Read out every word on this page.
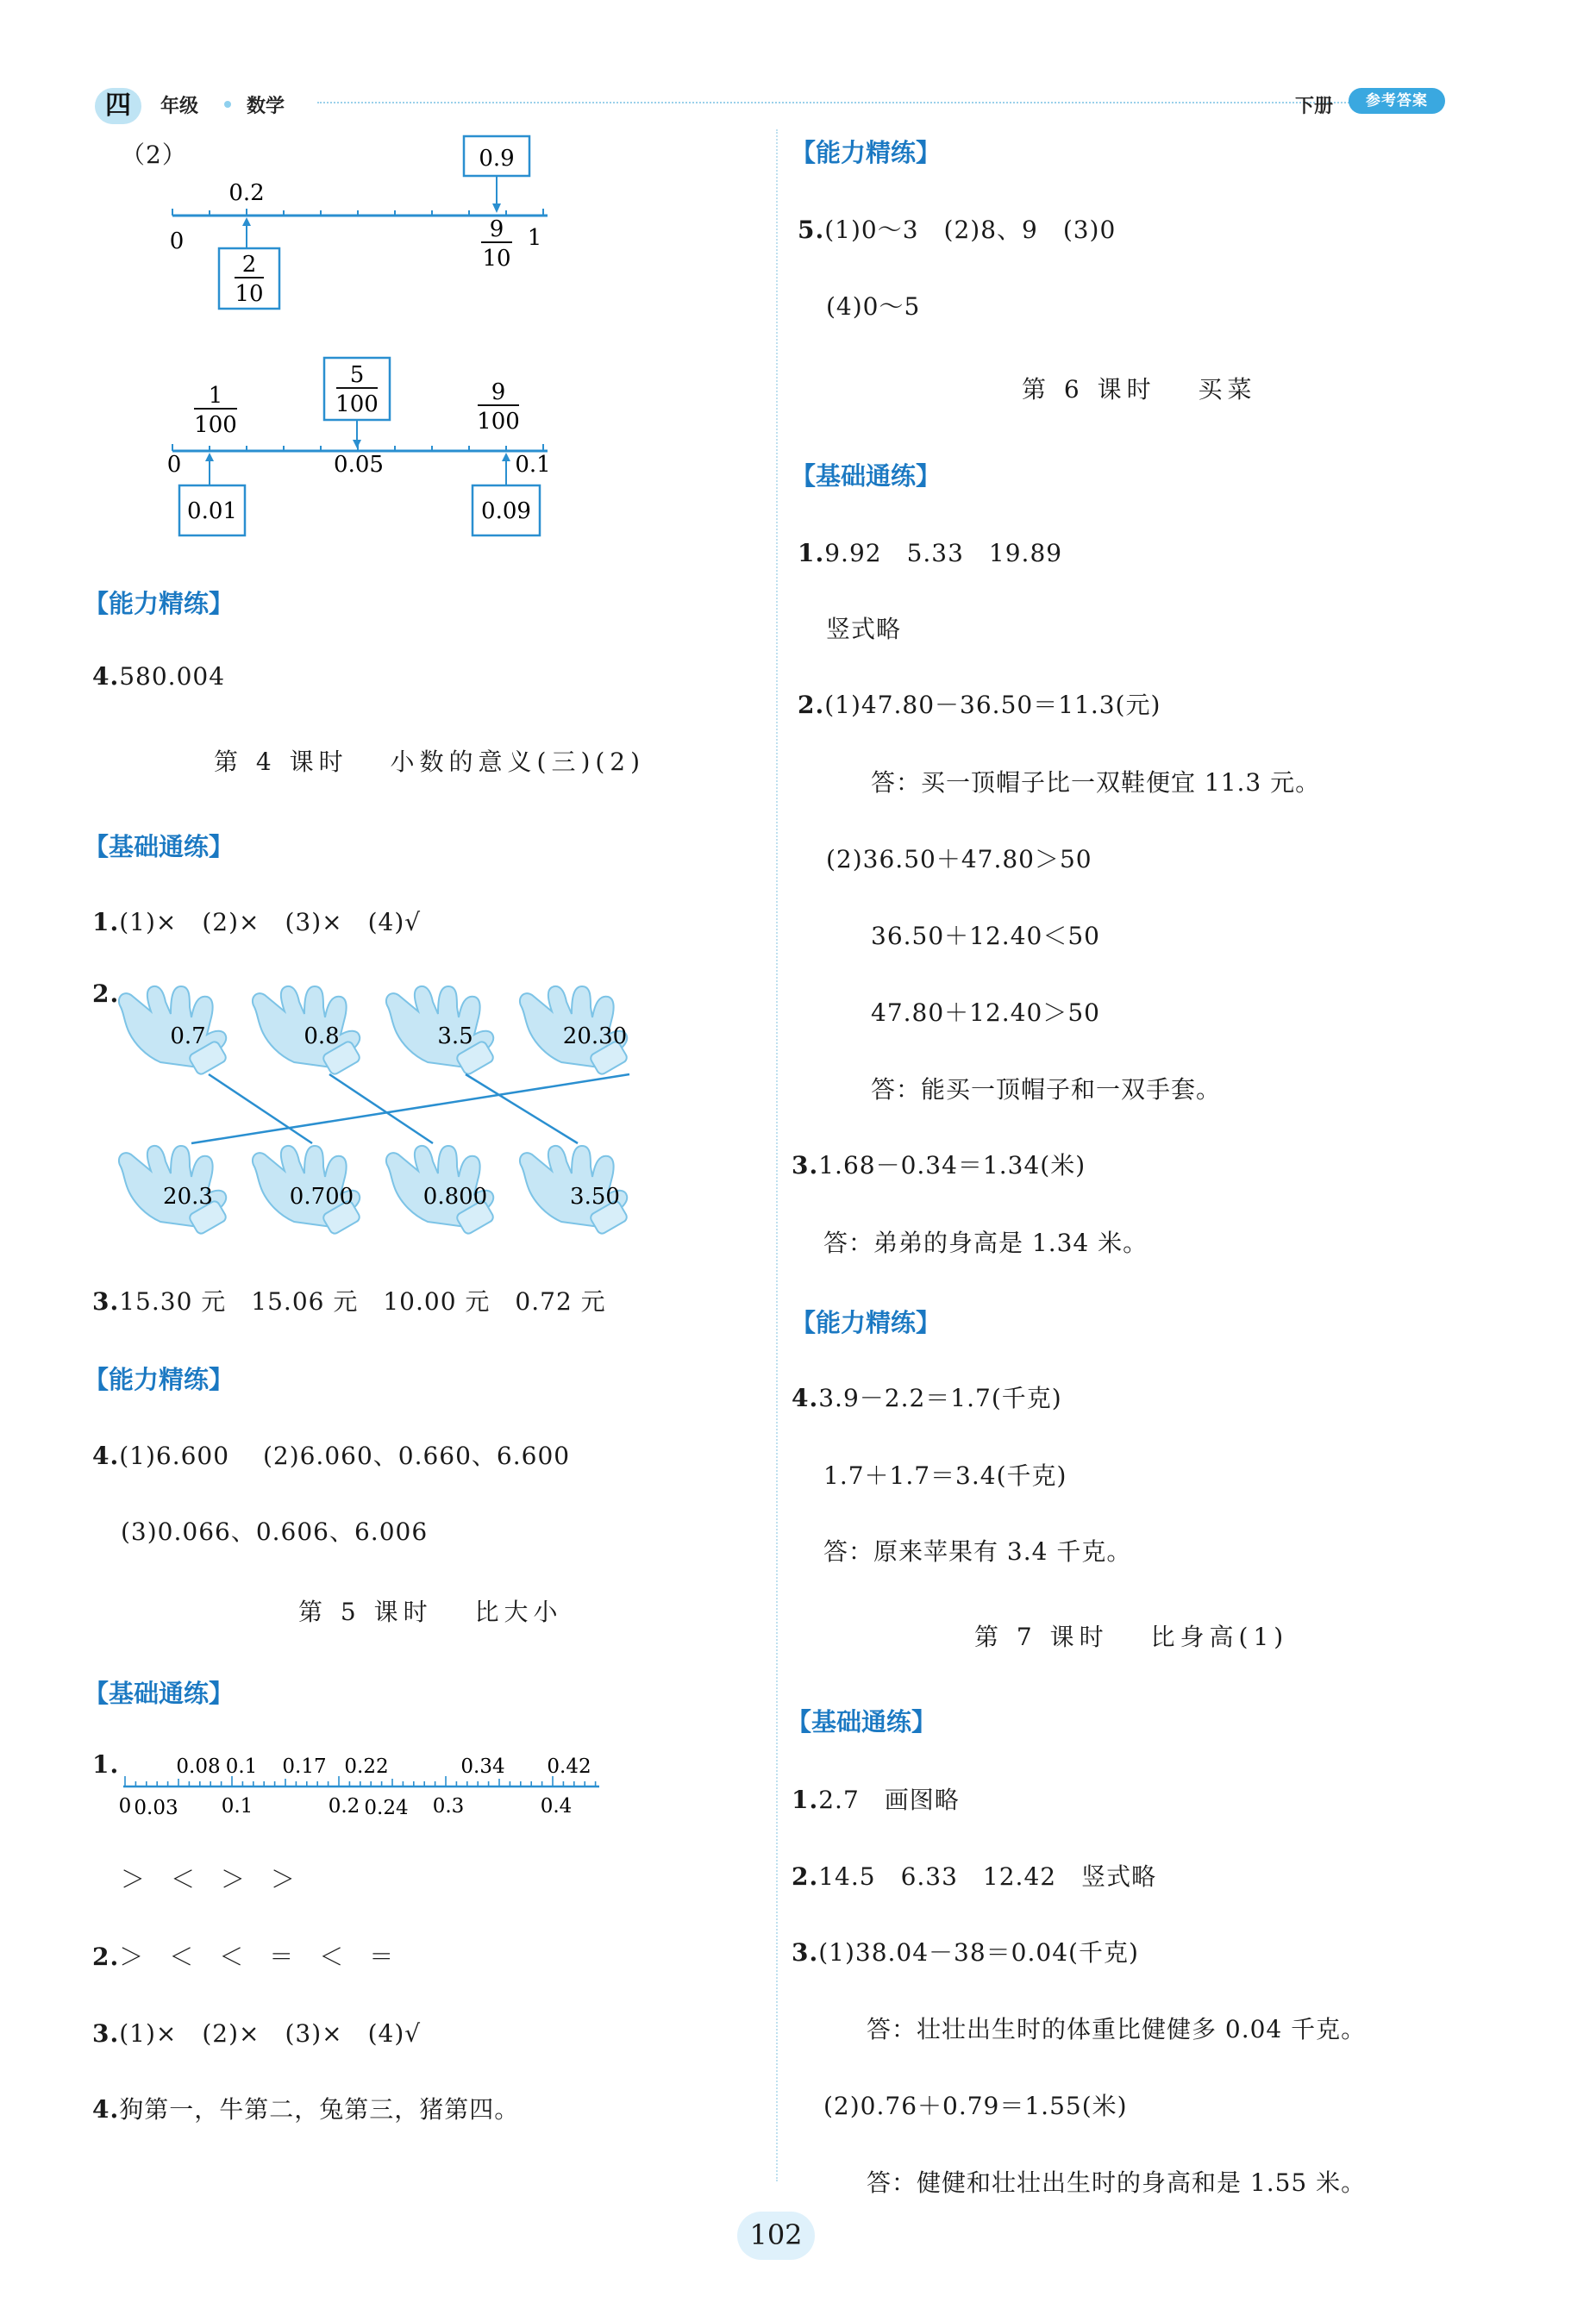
四	年级	数学	下册	参考答案
（2）
0
0.2
1
2
10
0.9
9
10
1
100
5
100	9
100
0	0.05	0.1
0.01	0.09
【能力精练】
4.580.004
第 4 课时　 小数的意义(三)(2)
【基础通练】
1.(1)×　(2)×　(3)×　(4)√
2.
0.7	0.8	3.5	20.30
20.3	0.700	0.800	3.50
3.15.30 元　15.06 元　10.00 元　0.72 元
【能力精练】
4.(1)6.600　 (2)6.060、0.660、6.600
(3)0.066、0.606、6.006
第 5 课时　 比大小
【基础通练】
1.	0.08 0.1 0.17 0.22	0.34 0.42
0 0.03 0.1	0.2 0.24 0.3	0.4
＞　＜　＞　＞
2.＞　＜　＜　＝　＜　＝
3.(1)×　(2)×　(3)×　(4)√
4.狗第一，牛第二，兔第三，猪第四。
【能力精练】
5.(1)0～3　(2)8、9　(3)0
(4)0～5
第 6 课时　 买菜
【基础通练】
1.9.92　5.33　19.89
竖式略
2.(1)47.80－36.50＝11.3(元)
答：买一顶帽子比一双鞋便宜 11.3 元。
(2)36.50＋47.80＞50
36.50＋12.40＜50
47.80＋12.40＞50
答：能买一顶帽子和一双手套。
3.1.68－0.34＝1.34(米)
答：弟弟的身高是 1.34 米。
【能力精练】
4.3.9－2.2＝1.7(千克)
1.7＋1.7＝3.4(千克)
答：原来苹果有 3.4 千克。
第 7 课时　 比身高(1)
【基础通练】
1.2.7　画图略
2.14.5　6.33　12.42　竖式略
3.(1)38.04－38＝0.04(千克)
答：壮壮出生时的体重比健健多 0.04 千克。
(2)0.76＋0.79＝1.55(米)
答：健健和壮壮出生时的身高和是 1.55 米。
102
